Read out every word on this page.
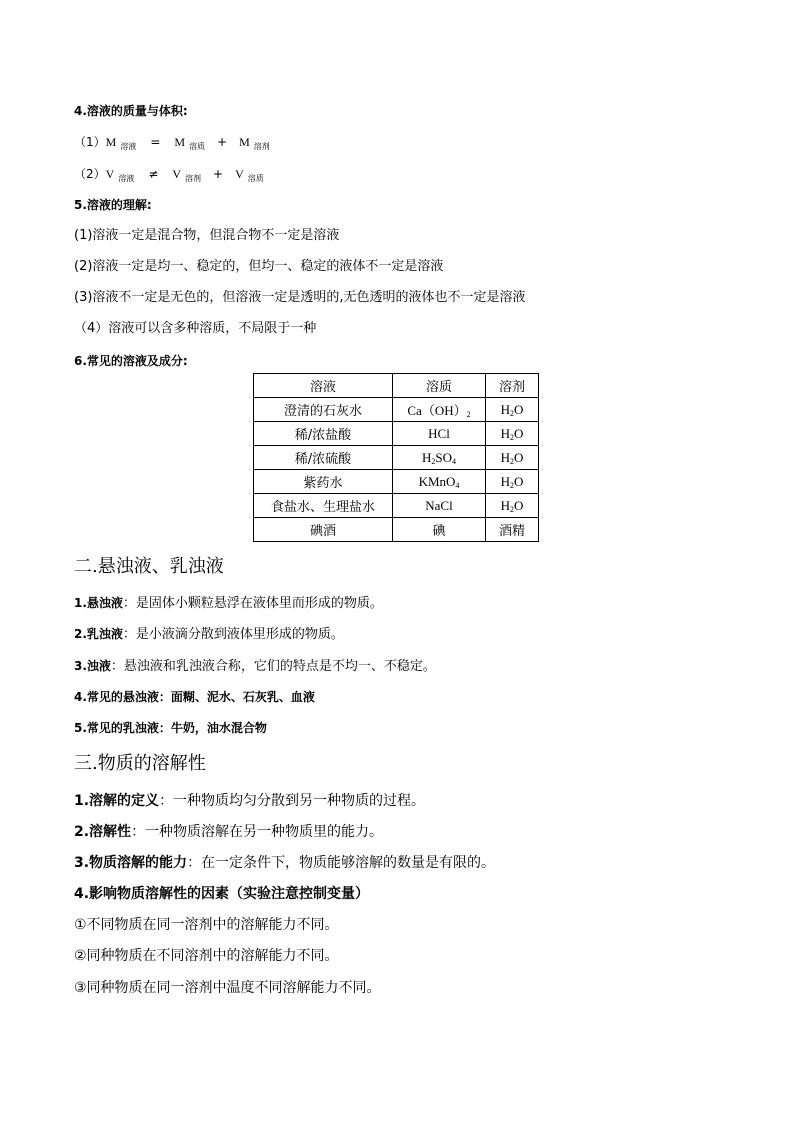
4.溶液的质量与体积:
（1）M $_{溶液}$ = M $_{溶质}$ + M $_{溶剂}$
（2）V $_{溶液}$ ≠ V $_{溶剂}$ + V $_{溶质}$
5.溶液的理解:
(1)溶液一定是混合物，但混合物不一定是溶液
(2)溶液一定是均一、稳定的，但均一、稳定的液体不一定是溶液
(3)溶液不一定是无色的，但溶液一定是透明的,无色透明的液体也不一定是溶液
（4）溶液可以含多种溶质，不局限于一种
6.常见的溶液及成分:
溶液	溶质	溶剂
澄清的石灰水	Ca（OH）2	H2O
稀/浓盐酸	HCl	H2O
稀/浓硫酸	H2SO4	H2O
紫药水	KMnO4	H2O
食盐水、生理盐水	NaCl	H2O
碘酒	碘	酒精
二.悬浊液、乳浊液
1.悬浊液：是固体小颗粒悬浮在液体里而形成的物质。
2.乳浊液：是小液滴分散到液体里形成的物质。
3.浊液：悬浊液和乳浊液合称，它们的特点是不均一、不稳定。
4.常见的悬浊液：面糊、泥水、石灰乳、血液
5.常见的乳浊液：牛奶，油水混合物
三.物质的溶解性
1.溶解的定义：一种物质均匀分散到另一种物质的过程。
2.溶解性：一种物质溶解在另一种物质里的能力。
3.物质溶解的能力：在一定条件下，物质能够溶解的数量是有限的。
4.影响物质溶解性的因素（实验注意控制变量）
①不同物质在同一溶剂中的溶解能力不同。
②同种物质在不同溶剂中的溶解能力不同。
③同种物质在同一溶剂中温度不同溶解能力不同。
